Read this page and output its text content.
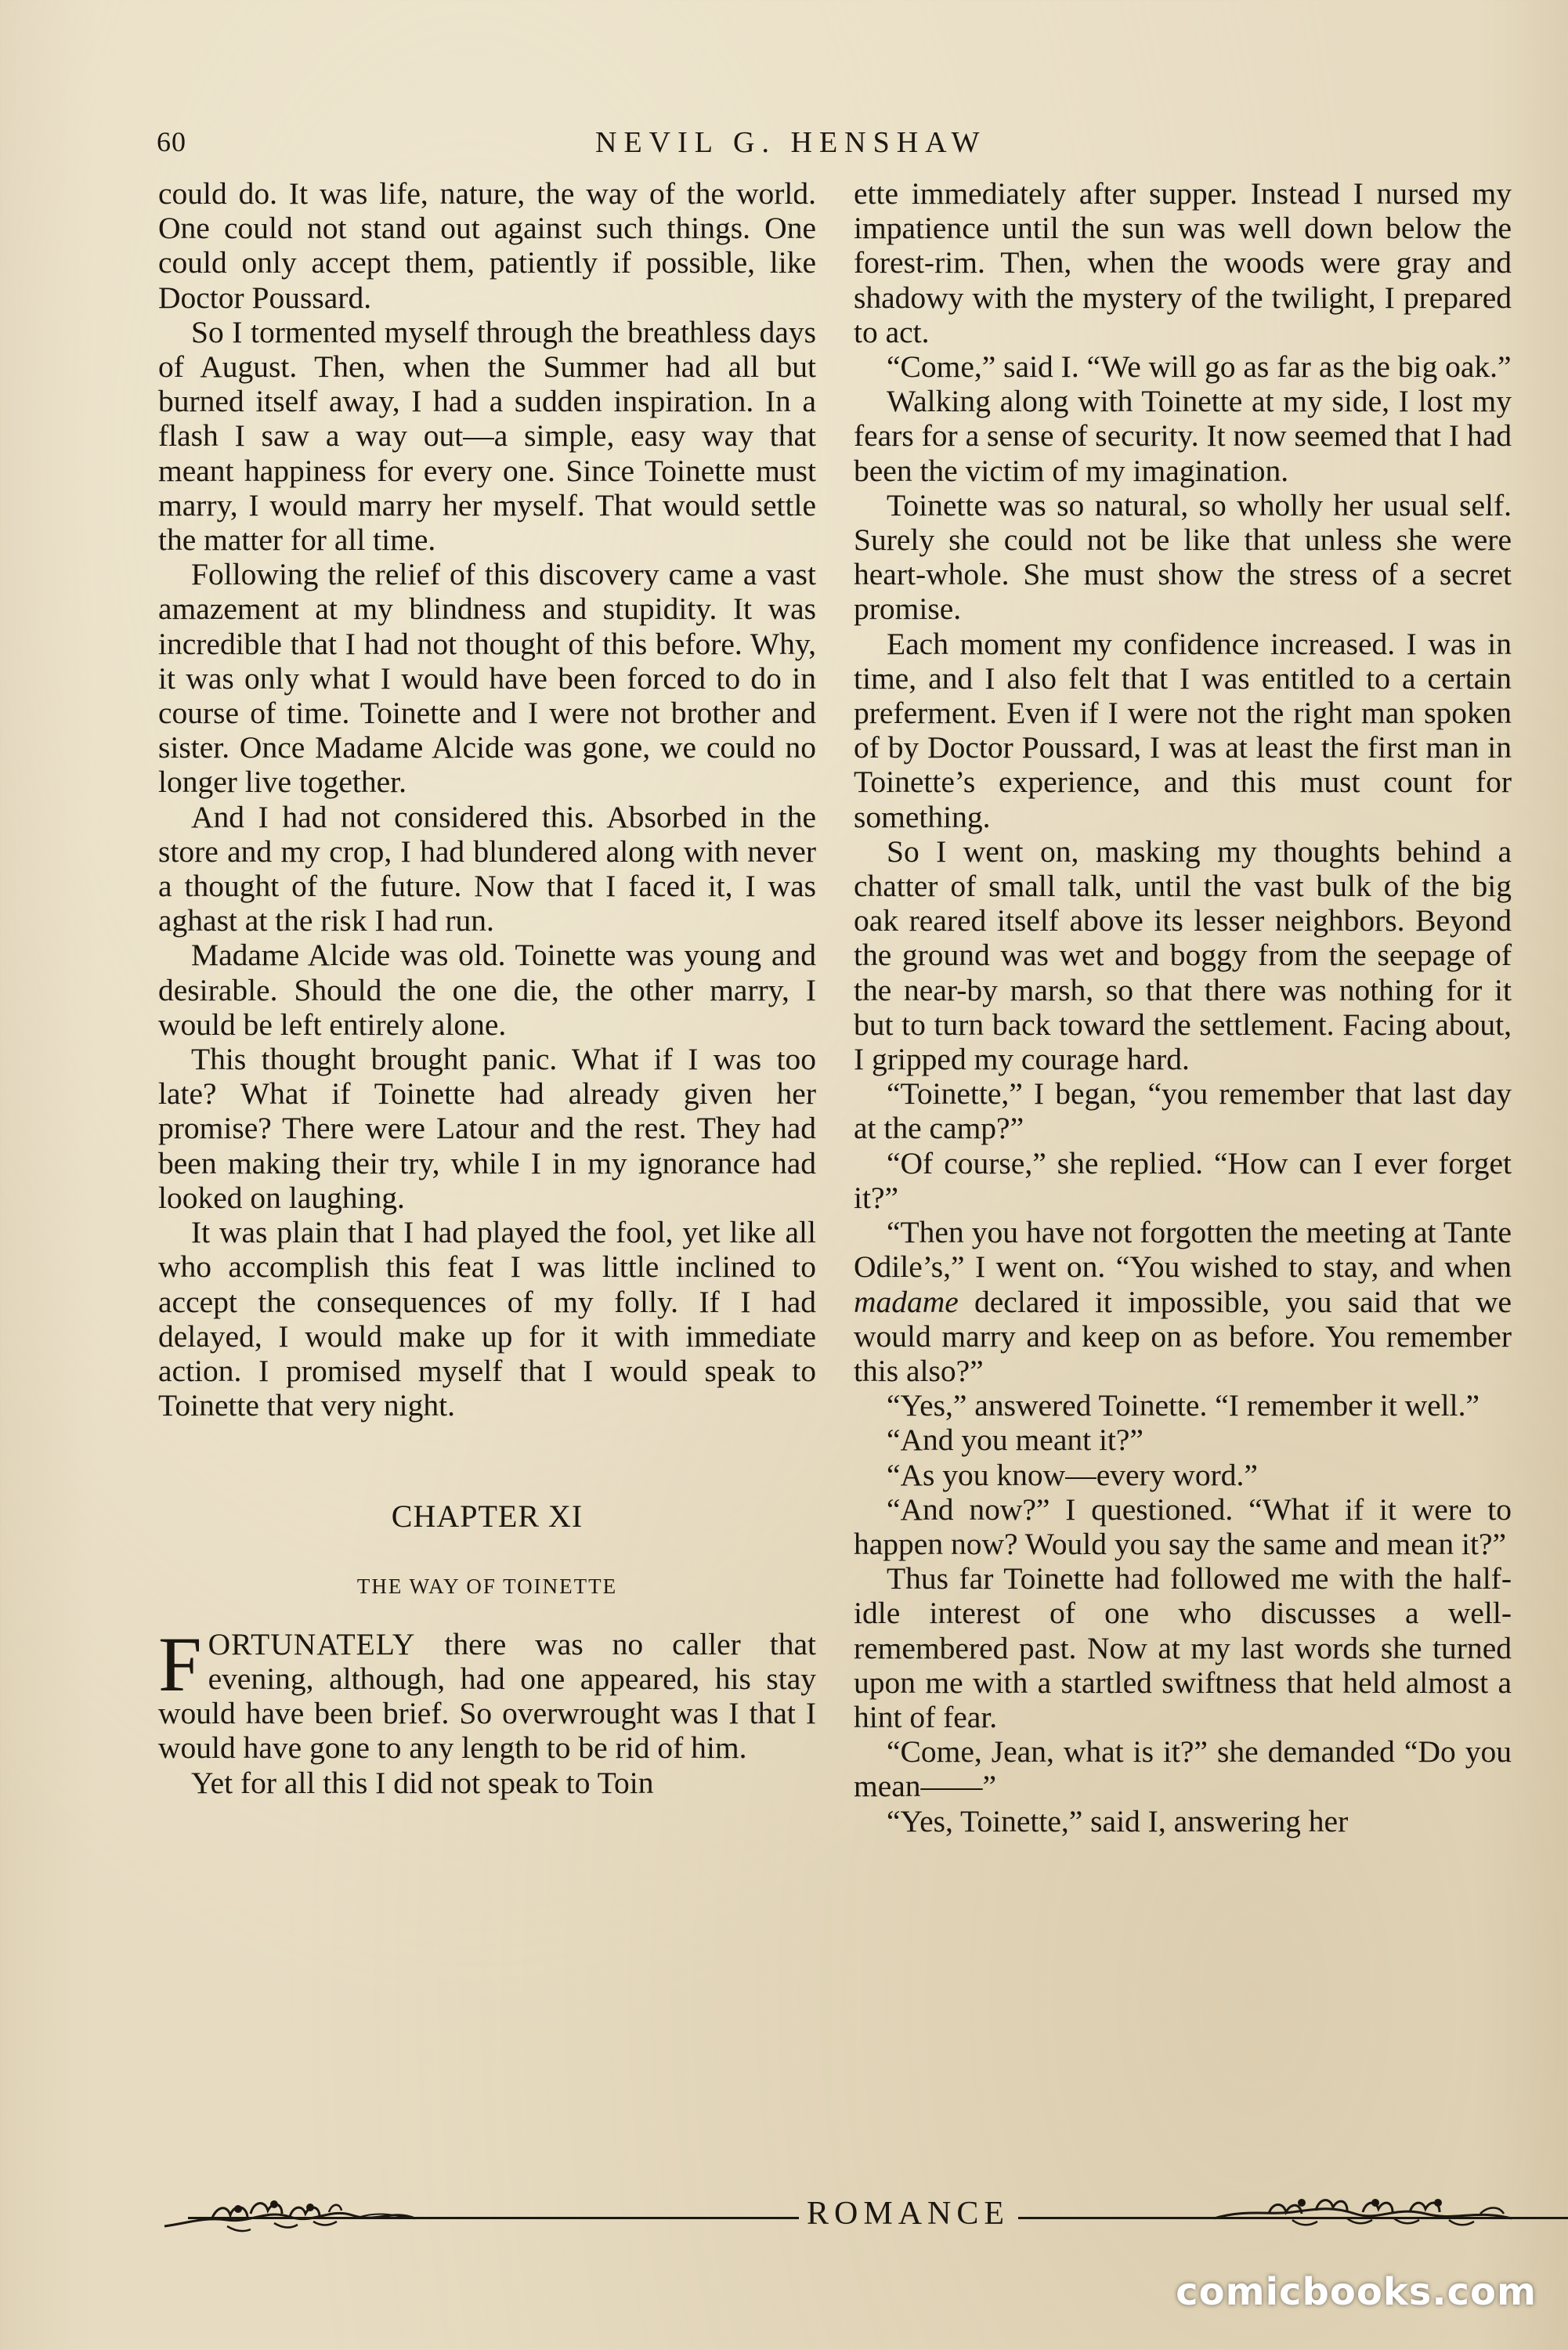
60	NEVIL G. HENSHAW

could do. It was life, nature, the way of the world. One could not stand out against such things. One could only accept them, patiently if possible, like Doctor Poussard.

So I tormented myself through the breathless days of August. Then, when the Summer had all but burned itself away, I had a sudden inspiration. In a flash I saw a way out—a simple, easy way that meant happiness for every one. Since Toinette must marry, I would marry her myself. That would settle the matter for all time.

Following the relief of this discovery came a vast amazement at my blindness and stupidity. It was incredible that I had not thought of this before. Why, it was only what I would have been forced to do in course of time. Toinette and I were not brother and sister. Once Madame Alcide was gone, we could no longer live together.

And I had not considered this. Absorbed in the store and my crop, I had blundered along with never a thought of the future. Now that I faced it, I was aghast at the risk I had run.

Madame Alcide was old. Toinette was young and desirable. Should the one die, the other marry, I would be left entirely alone.

This thought brought panic. What if I was too late? What if Toinette had already given her promise? There were Latour and the rest. They had been making their try, while I in my ignorance had looked on laughing.

It was plain that I had played the fool, yet like all who accomplish this feat I was little inclined to accept the consequences of my folly. If I had delayed, I would make up for it with immediate action. I promised myself that I would speak to Toinette that very night.

CHAPTER XI
THE WAY OF TOINETTE

FORTUNATELY there was no caller that evening, although, had one appeared, his stay would have been brief. So overwrought was I that I would have gone to any length to be rid of him.

Yet for all this I did not speak to Toin

ette immediately after supper. Instead I nursed my impatience until the sun was well down below the forest-rim. Then, when the woods were gray and shadowy with the mystery of the twilight, I prepared to act.

“Come,” said I. “We will go as far as the big oak.”

Walking along with Toinette at my side, I lost my fears for a sense of security. It now seemed that I had been the victim of my imagination.

Toinette was so natural, so wholly her usual self. Surely she could not be like that unless she were heart-whole. She must show the stress of a secret promise.

Each moment my confidence increased. I was in time, and I also felt that I was entitled to a certain preferment. Even if I were not the right man spoken of by Doctor Poussard, I was at least the first man in Toinette’s experience, and this must count for something.

So I went on, masking my thoughts behind a chatter of small talk, until the vast bulk of the big oak reared itself above its lesser neighbors. Beyond the ground was wet and boggy from the seepage of the near-by marsh, so that there was nothing for it but to turn back toward the settlement. Facing about, I gripped my courage hard.

“Toinette,” I began, “you remember that last day at the camp?”

“Of course,” she replied. “How can I ever forget it?”

“Then you have not forgotten the meeting at Tante Odile’s,” I went on. “You wished to stay, and when madame declared it impossible, you said that we would marry and keep on as before. You remember this also?”

“Yes,” answered Toinette. “I remember it well.”

“And you meant it?”

“As you know—every word.”

“And now?” I questioned. “What if it were to happen now? Would you say the same and mean it?”

Thus far Toinette had followed me with the half-idle interest of one who discusses a well-remembered past. Now at my last words she turned upon me with a startled swiftness that held almost a hint of fear.

“Come, Jean, what is it?” she demanded “Do you mean——”

“Yes, Toinette,” said I, answering her

ROMANCE
comicbooks.com
